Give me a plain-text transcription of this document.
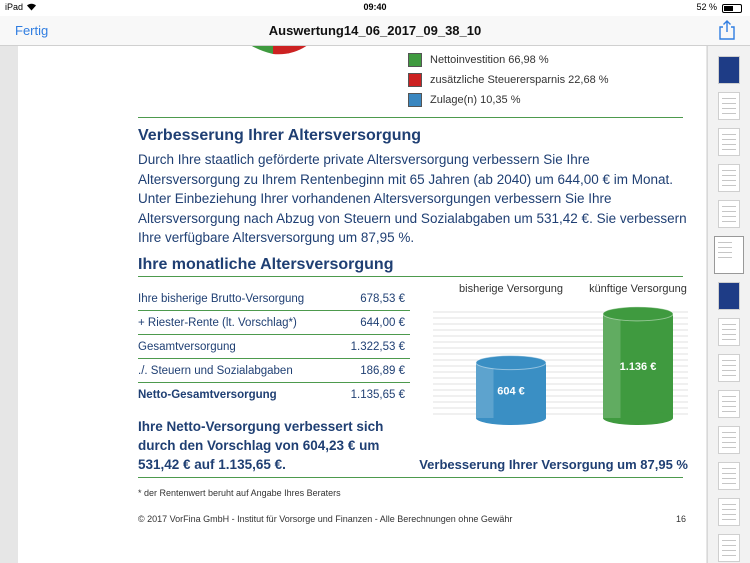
iPad	09:40	52 %
Fertig	Auswertung14_06_2017_09_38_10
Nettoinvestition 66,98 %
zusätzliche Steuerersparnis 22,68 %
Zulage(n) 10,35 %
Verbesserung Ihrer Altersversorgung
Durch Ihre staatlich geförderte private Altersversorgung verbessern Sie Ihre
Altersversorgung zu Ihrem Rentenbeginn mit 65 Jahren (ab 2040) um 644,00 € im Monat.
Unter Einbeziehung Ihrer vorhandenen Altersversorgungen verbessern Sie Ihre
Altersversorgung nach Abzug von Steuern und Sozialabgaben um 531,42 €. Sie verbessern
Ihre verfügbare Altersversorgung um 87,95 %.
Ihre monatliche Altersversorgung
Ihre bisherige Brutto-Versorgung	678,53 €
+ Riester-Rente (lt. Vorschlag*)	644,00 €
Gesamtversorgung	1.322,53 €
./. Steuern und Sozialabgaben	186,89 €
Netto-Gesamtversorgung	1.135,65 €
bisherige Versorgung
604 €
künftige Versorgung
1.136 €
Ihre Netto-Versorgung verbessert sich
durch den Vorschlag von 604,23 € um
531,42 € auf 1.135,65 €.	Verbesserung Ihrer Versorgung um 87,95 %
* der Rentenwert beruht auf Angabe Ihres Beraters
© 2017 VorFina GmbH - Institut für Vorsorge und Finanzen - Alle Berechnungen ohne Gewähr	16
